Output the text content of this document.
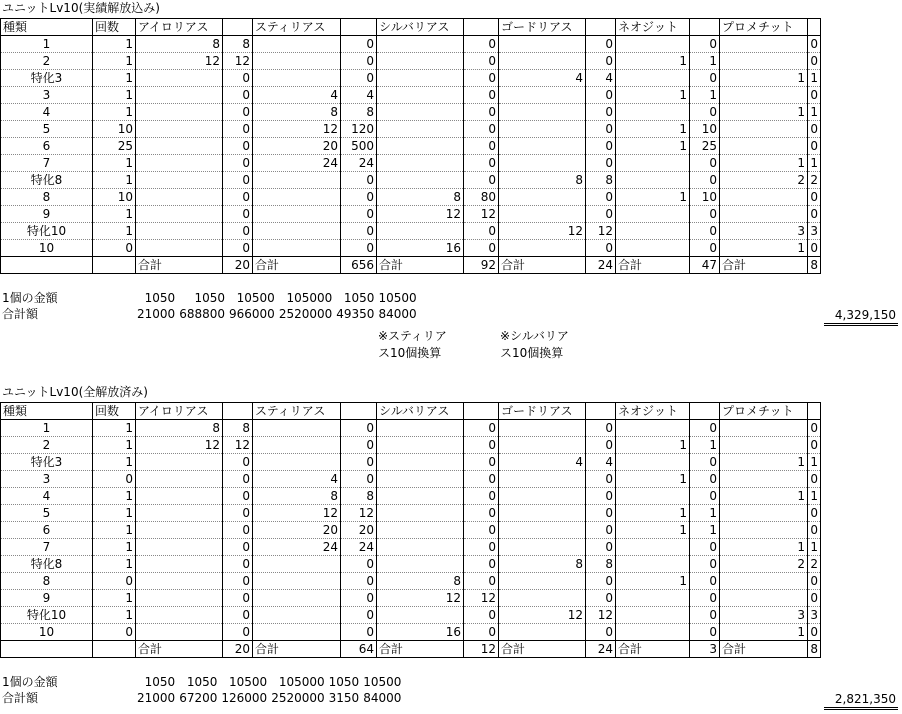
ユニットLv10(実績解放込み)
種類	回数	アイロリアス		スティリアス		シルバリアス		ゴードリアス		ネオジット		プロメチット	
1	1	8	8		0		0		0		0		0
2	1	12	12		0		0		0	1	1		0
特化3	1		0		0		0	4	4		0	1	1
3	1		0	4	4		0		0	1	1		0
4	1		0	8	8		0		0		0	1	1
5	10		0	12	120		0		0	1	10		0
6	25		0	20	500		0		0	1	25		0
7	1		0	24	24		0		0		0	1	1
特化8	1		0		0		0	8	8		0	2	2
8	10		0		0	8	80		0	1	10		0
9	1		0		0	12	12		0		0		0
特化10	1		0		0		0	12	12		0	3	3
10	0		0		0	16	0		0		0	1	0
		合計	20	合計	656	合計	92	合計	24	合計	47	合計	8
1個の金額		1050	1050	10500	105000	1050	10500
合計額		21000	688800	966000	2520000	49350	84000	4,329,150
※スティリア
ス10個換算
※シルバリア
ス10個換算
ユニットLv10(全解放済み)
種類	回数	アイロリアス		スティリアス		シルバリアス		ゴードリアス		ネオジット		プロメチット	
1	1	8	8		0		0		0		0		0
2	1	12	12		0		0		0	1	1		0
特化3	1		0		0		0	4	4		0	1	1
3	0		0	4	0		0		0	1	0		0
4	1		0	8	8		0		0		0	1	1
5	1		0	12	12		0		0	1	1		0
6	1		0	20	20		0		0	1	1		0
7	1		0	24	24		0		0		0	1	1
特化8	1		0		0		0	8	8		0	2	2
8	0		0		0	8	0		0	1	0		0
9	1		0		0	12	12		0		0		0
特化10	1		0		0		0	12	12		0	3	3
10	0		0		0	16	0		0		0	1	0
		合計	20	合計	64	合計	12	合計	24	合計	3	合計	8
1個の金額		1050	1050	10500	105000	1050	10500
合計額		21000	67200	126000	2520000	3150	84000	2,821,350
